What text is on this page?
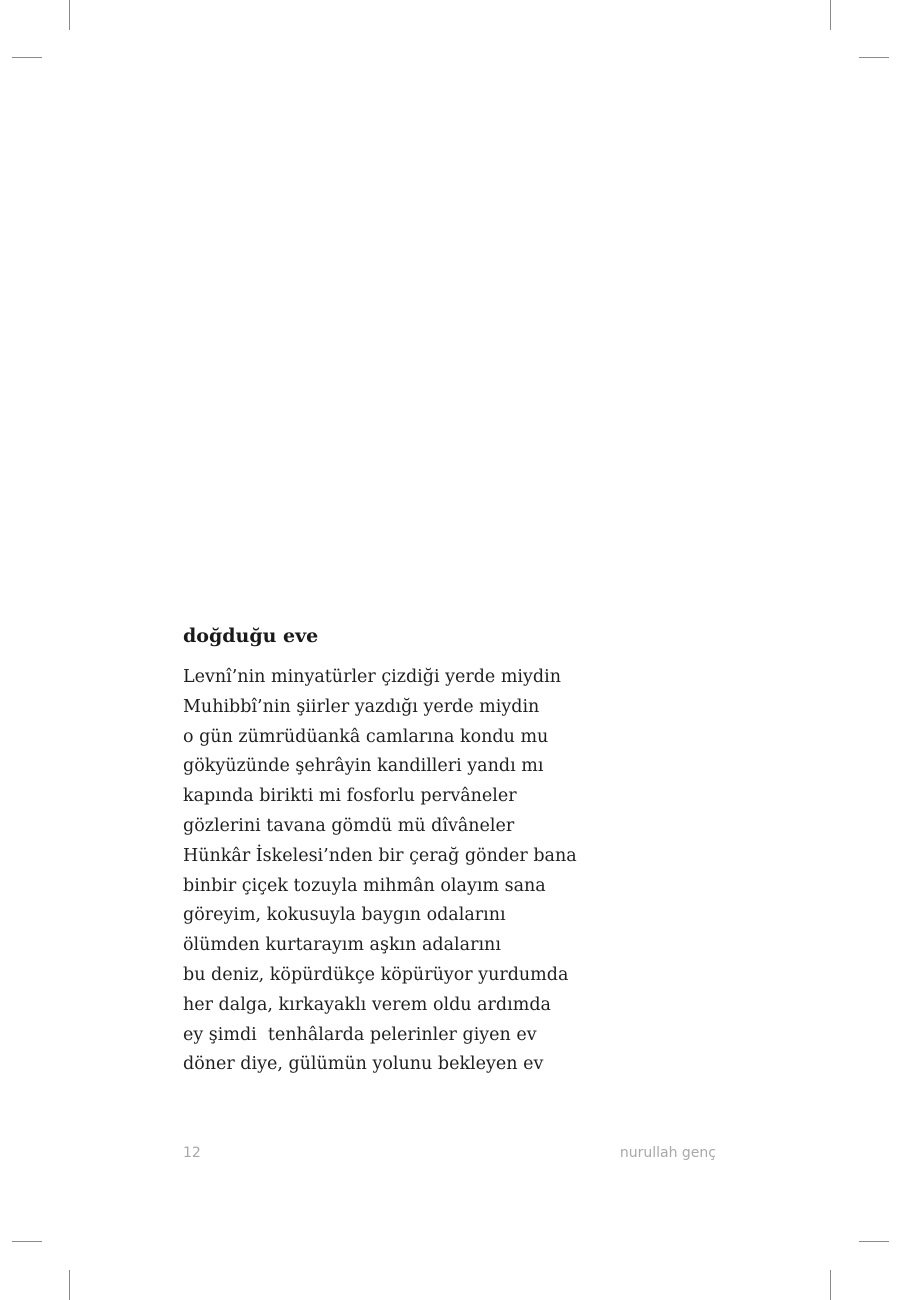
doğduğu eve
Levnî’nin minyatürler çizdiği yerde miydin
Muhibbî’nin şiirler yazdığı yerde miydin
o gün zümrüdüankâ camlarına kondu mu
gökyüzünde şehrâyin kandilleri yandı mı
kapında birikti mi fosforlu pervâneler
gözlerini tavana gömdü mü dîvâneler
Hünkâr İskelesi’nden bir çerağ gönder bana
binbir çiçek tozuyla mihmân olayım sana
göreyim, kokusuyla baygın odalarını
ölümden kurtarayım aşkın adalarını
bu deniz, köpürdükçe köpürüyor yurdumda
her dalga, kırkayaklı verem oldu ardımda
ey şimdi  tenhâlarda pelerinler giyen ev
döner diye, gülümün yolunu bekleyen ev
12	nurullah genç
